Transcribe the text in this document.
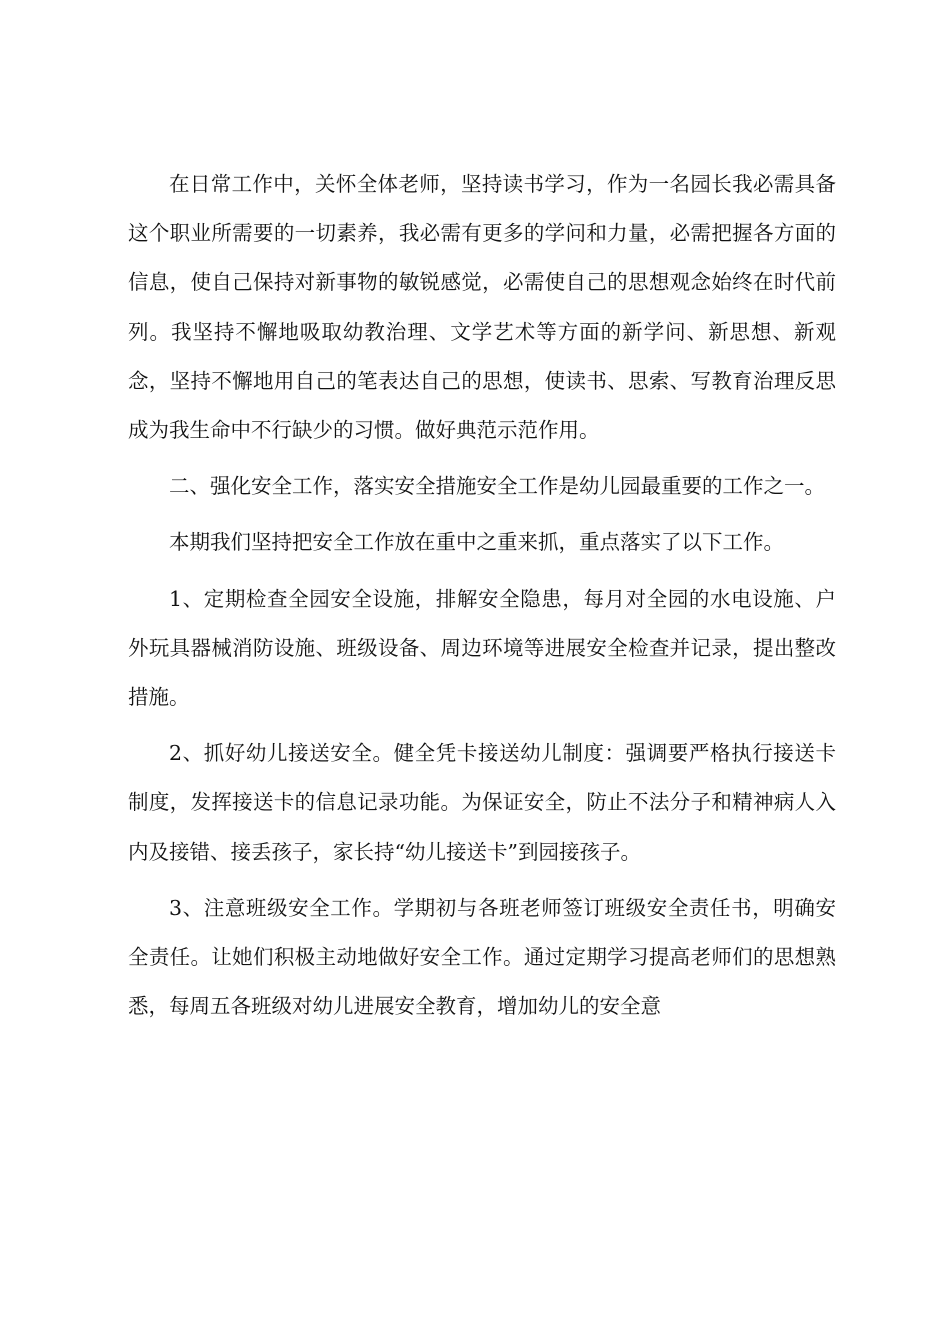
在日常工作中，关怀全体老师，坚持读书学习，作为一名园长我必需具备这个职业所需要的一切素养，我必需有更多的学问和力量，必需把握各方面的信息，使自己保持对新事物的敏锐感觉，必需使自己的思想观念始终在时代前列。我坚持不懈地吸取幼教治理、文学艺术等方面的新学问、新思想、新观念，坚持不懈地用自己的笔表达自己的思想，使读书、思索、写教育治理反思成为我生命中不行缺少的习惯。做好典范示范作用。

二、强化安全工作，落实安全措施安全工作是幼儿园最重要的工作之一。

本期我们坚持把安全工作放在重中之重来抓，重点落实了以下工作。

1、定期检查全园安全设施，排解安全隐患，每月对全园的水电设施、户外玩具器械消防设施、班级设备、周边环境等进展安全检查并记录，提出整改措施。

2、抓好幼儿接送安全。健全凭卡接送幼儿制度：强调要严格执行接送卡制度，发挥接送卡的信息记录功能。为保证安全，防止不法分子和精神病人入内及接错、接丢孩子，家长持“幼儿接送卡”到园接孩子。

3、注意班级安全工作。学期初与各班老师签订班级安全责任书，明确安全责任。让她们积极主动地做好安全工作。通过定期学习提高老师们的思想熟悉，每周五各班级对幼儿进展安全教育，增加幼儿的安全意
